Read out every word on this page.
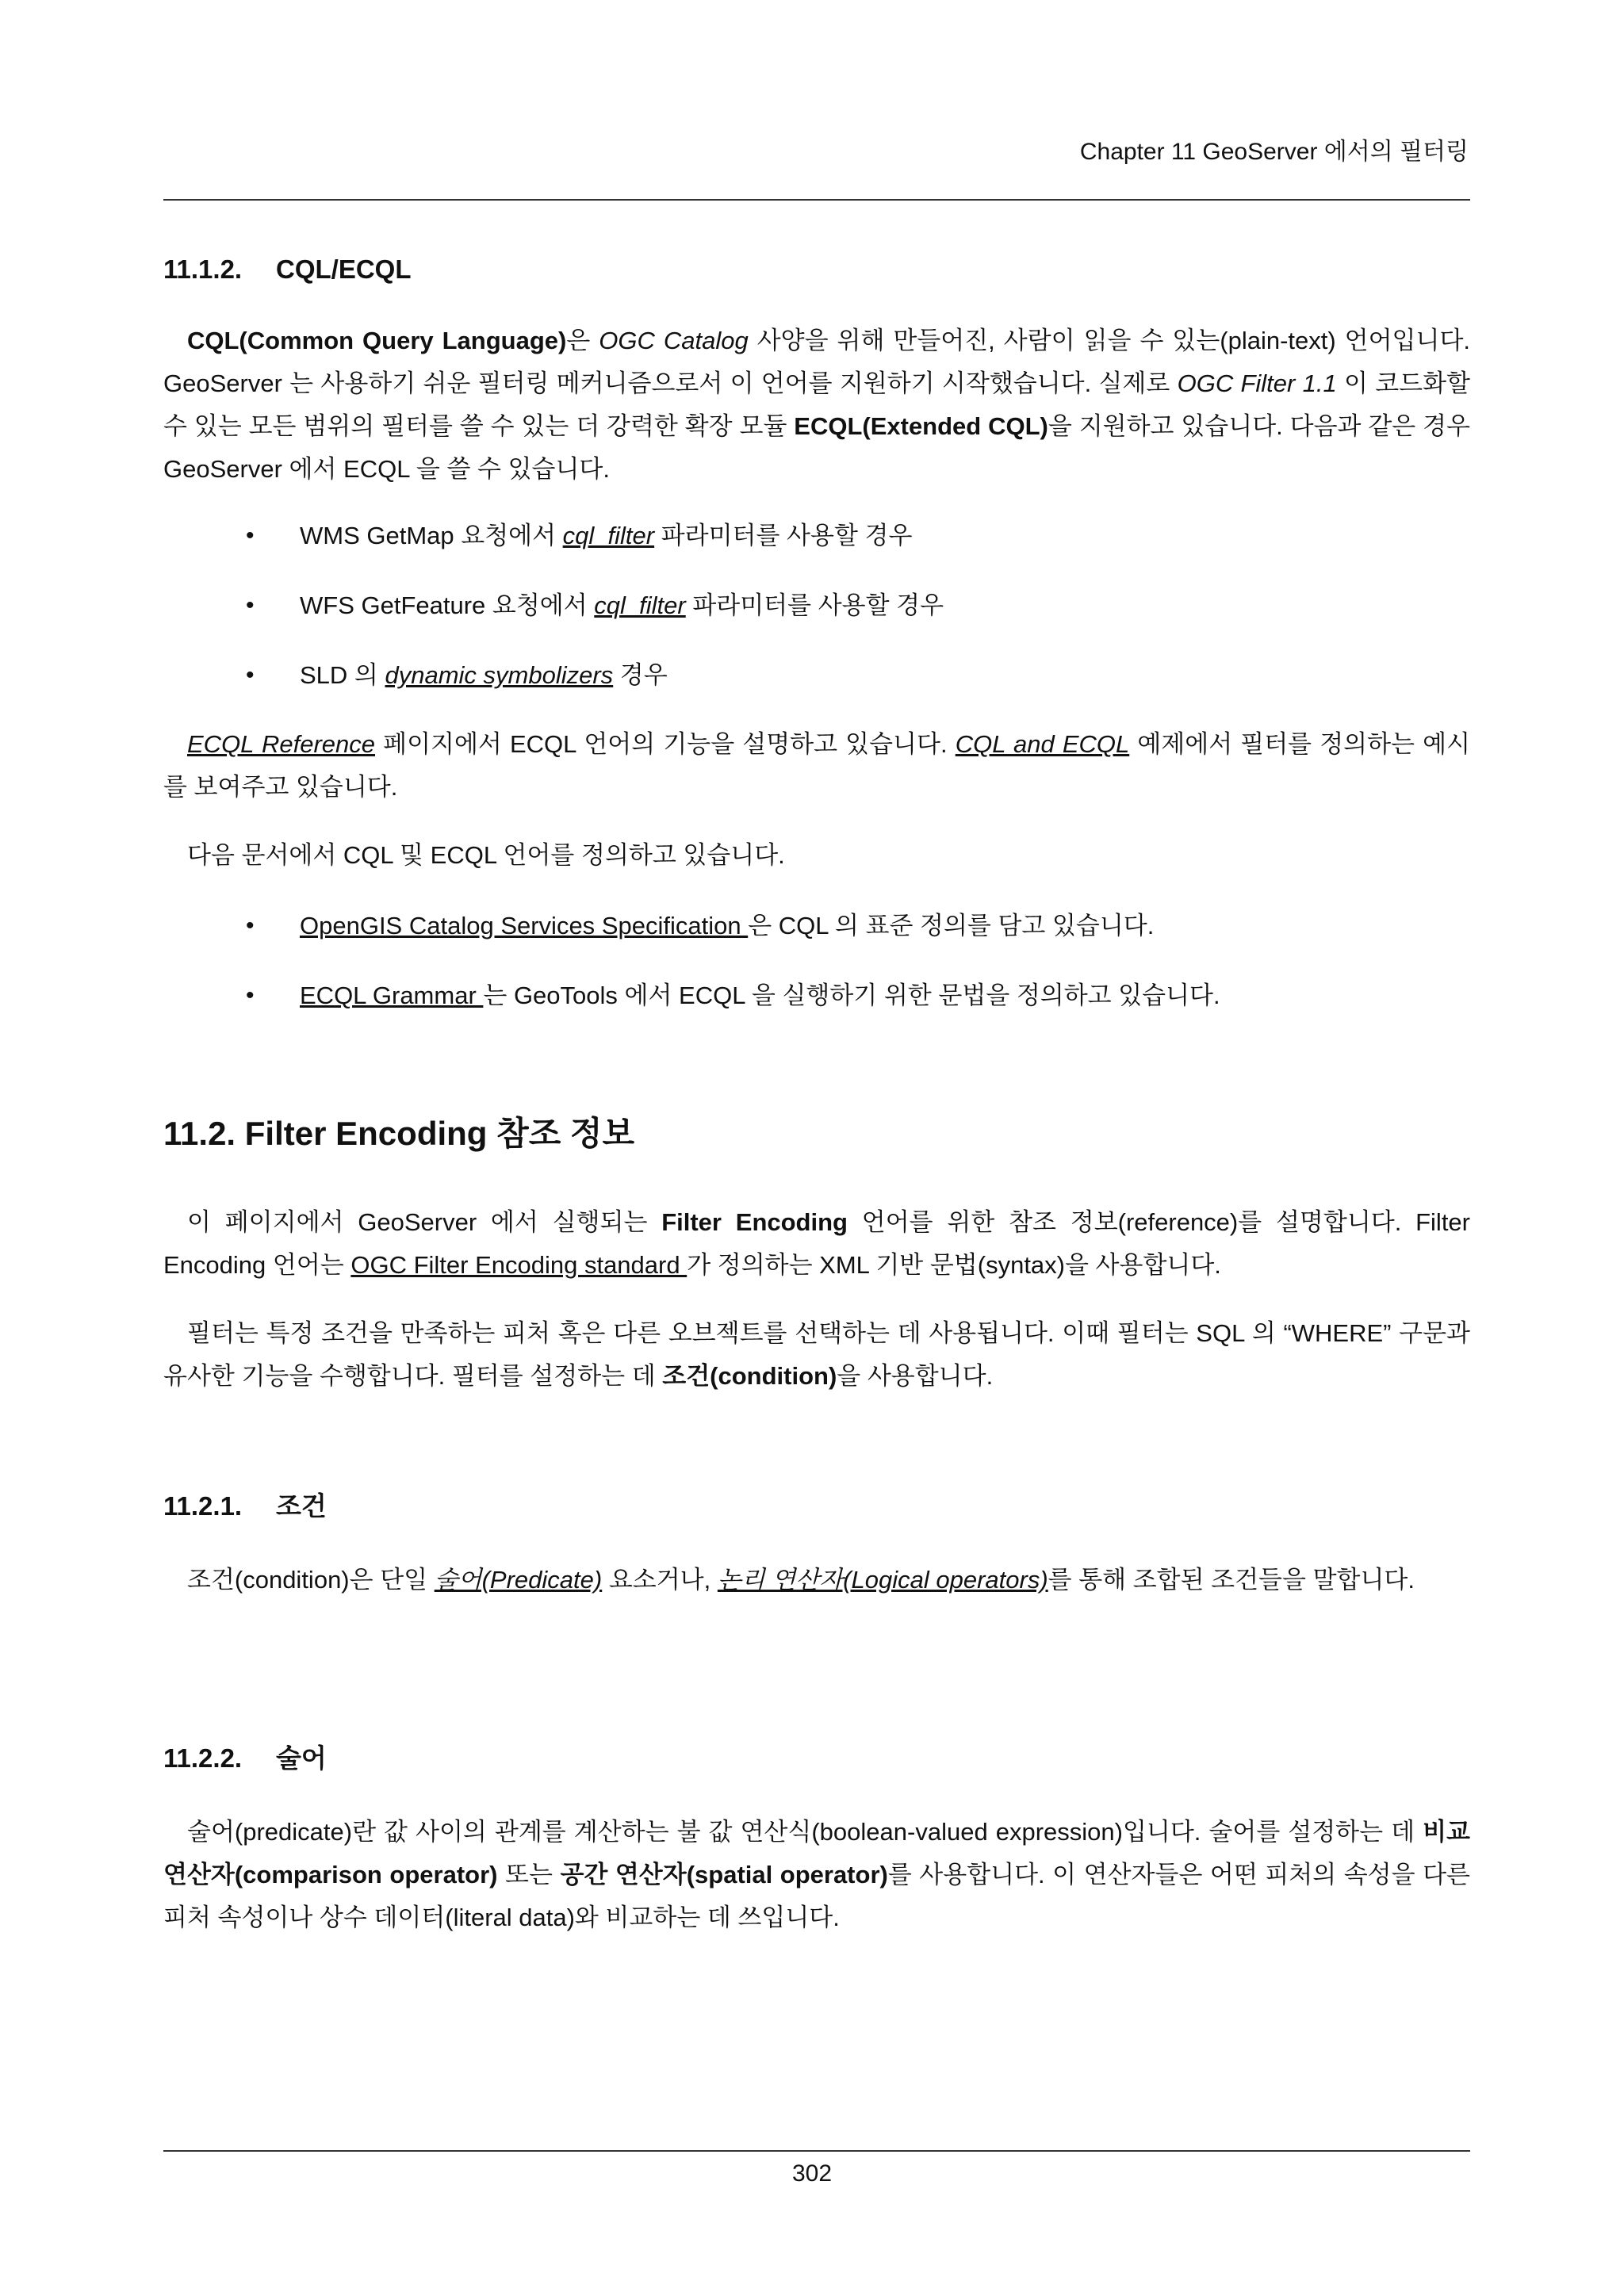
Chapter 11 GeoServer 에서의 필터링
11.1.2. CQL/ECQL

CQL(Common Query Language)은 OGC Catalog 사양을 위해 만들어진, 사람이 읽을 수 있는(plain-text) 언어입니다. GeoServer 는 사용하기 쉬운 필터링 메커니즘으로서 이 언어를 지원하기 시작했습니다. 실제로 OGC Filter 1.1 이 코드화할 수 있는 모든 범위의 필터를 쓸 수 있는 더 강력한 확장 모듈 ECQL(Extended CQL)을 지원하고 있습니다. 다음과 같은 경우 GeoServer 에서 ECQL 을 쓸 수 있습니다.

• WMS GetMap 요청에서 cql_filter 파라미터를 사용할 경우
• WFS GetFeature 요청에서 cql_filter 파라미터를 사용할 경우
• SLD 의 dynamic symbolizers 경우

ECQL Reference 페이지에서 ECQL 언어의 기능을 설명하고 있습니다. CQL and ECQL 예제에서 필터를 정의하는 예시를 보여주고 있습니다.

다음 문서에서 CQL 및 ECQL 언어를 정의하고 있습니다.

• OpenGIS Catalog Services Specification 은 CQL 의 표준 정의를 담고 있습니다.
• ECQL Grammar 는 GeoTools 에서 ECQL 을 실행하기 위한 문법을 정의하고 있습니다.
11.2. Filter Encoding 참조 정보

이 페이지에서 GeoServer 에서 실행되는 Filter Encoding 언어를 위한 참조 정보(reference)를 설명합니다. Filter Encoding 언어는 OGC Filter Encoding standard 가 정의하는 XML 기반 문법(syntax)을 사용합니다.

필터는 특정 조건을 만족하는 피처 혹은 다른 오브젝트를 선택하는 데 사용됩니다. 이때 필터는 SQL 의 “WHERE” 구문과 유사한 기능을 수행합니다. 필터를 설정하는 데 조건(condition)을 사용합니다.

11.2.1. 조건

조건(condition)은 단일 술어(Predicate) 요소거나, 논리 연산자(Logical operators)를 통해 조합된 조건들을 말합니다.

11.2.2. 술어

술어(predicate)란 값 사이의 관계를 계산하는 불 값 연산식(boolean-valued expression)입니다. 술어를 설정하는 데 비교 연산자(comparison operator) 또는 공간 연산자(spatial operator)를 사용합니다. 이 연산자들은 어떤 피처의 속성을 다른 피처 속성이나 상수 데이터(literal data)와 비교하는 데 쓰입니다.

302
